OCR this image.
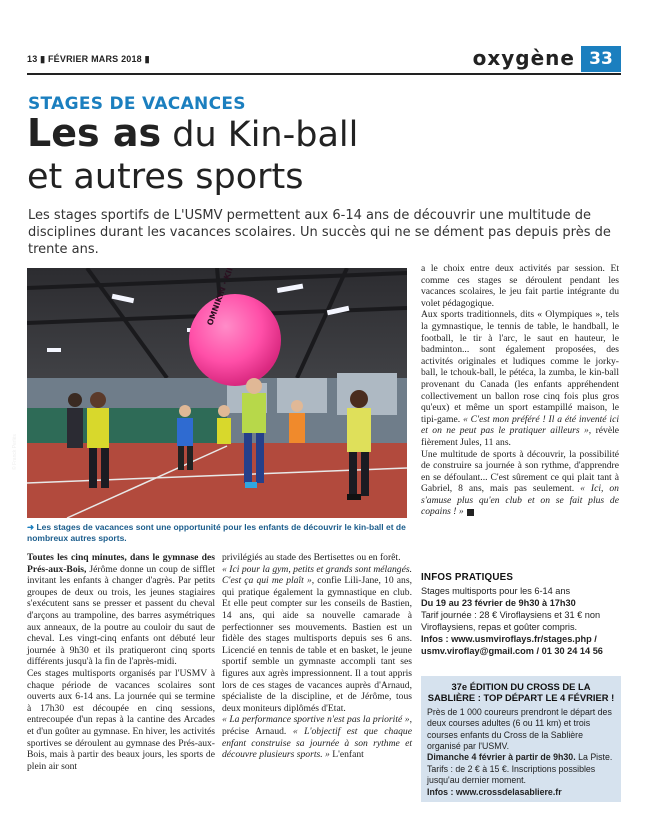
13 ▮ FÉVRIER MARS 2018 ▮	oxygène 33
STAGES DE VACANCES
Les as du Kin-ball
et autres sports
Les stages sportifs de L'USMV permettent aux 6-14 ans de découvrir une multitude de disciplines durant les vacances scolaires. Un succès qui ne se dément pas depuis près de trente ans.
© Franck Perlès
➜ Les stages de vacances sont une opportunité pour les enfants de découvrir le kin-ball et de nombreux autres sports.

Toutes les cinq minutes, dans le gymnase des Prés-aux-Bois, Jérôme donne un coup de sifflet invitant les enfants à changer d'agrès. Par petits groupes de deux ou trois, les jeunes stagiaires s'exécutent sans se presser et passent du cheval d'arçons au trampoline, des barres asymétriques aux anneaux, de la poutre au couloir du saut de cheval. Les vingt-cinq enfants ont débuté leur journée à 9h30 et ils pratiqueront cinq sports différents jusqu'à la fin de l'après-midi.

Ces stages multisports organisés par l'USMV à chaque période de vacances scolaires sont ouverts aux 6-14 ans. La journée qui se termine à 17h30 est découpée en cinq sessions, entrecoupée d'un repas à la cantine des Arcades et d'un goûter au gymnase. En hiver, les activités sportives se déroulent au gymnase des Prés-aux-Bois, mais à partir des beaux jours, les sports de plein air sont

privilégiés au stade des Bertisettes ou en forêt.

« Ici pour la gym, petits et grands sont mélangés. C'est ça qui me plaît », confie Lili-Jane, 10 ans, qui pratique également la gymnastique en club. Et elle peut compter sur les conseils de Bastien, 14 ans, qui aide sa nouvelle camarade à perfectionner ses mouvements. Bastien est un fidèle des stages multisports depuis ses 6 ans. Licencié en tennis de table et en basket, le jeune sportif semble un gymnaste accompli tant ses figures aux agrès impressionnent. Il a tout appris lors de ces stages de vacances auprès d'Arnaud, spécialiste de la discipline, et de Jérôme, tous deux moniteurs diplômés d'Etat.

« La performance sportive n'est pas la priorité », précise Arnaud. « L'objectif est que chaque enfant construise sa journée à son rythme et découvre plusieurs sports. » L'enfant

a le choix entre deux activités par session. Et comme ces stages se déroulent pendant les vacances scolaires, le jeu fait partie intégrante du volet pédagogique.

Aux sports traditionnels, dits « Olympiques », tels la gymnastique, le tennis de table, le handball, le football, le tir à l'arc, le saut en hauteur, le badminton... sont également proposées, des activités originales et ludiques comme le jorky-ball, le tchouk-ball, le pétéca, la zumba, le kin-ball provenant du Canada (les enfants appréhendent collectivement un ballon rose cinq fois plus gros qu'eux) et même un sport estampillé maison, le tipi-game. « C'est mon préféré ! Il a été inventé ici et on ne peut pas le pratiquer ailleurs », révèle fièrement Jules, 11 ans.

Une multitude de sports à découvrir, la possibilité de construire sa journée à son rythme, d'apprendre en se défoulant... C'est sûrement ce qui plait tant à Gabriel, 8 ans, mais pas seulement. « Ici, on s'amuse plus qu'en club et on se fait plus de copains ! »

INFOS PRATIQUES
Stages multisports pour les 6-14 ans
Du 19 au 23 février de 9h30 à 17h30
Tarif journée : 28 € Viroflaysiens et 31 € non Viroflaysiens, repas et goûter compris.
Infos : www.usmviroflays.fr/stages.php / usmv.viroflay@gmail.com / 01 30 24 14 56
37e ÉDITION DU CROSS DE LA SABLIÈRE : TOP DÉPART LE 4 FÉVRIER !
Près de 1 000 coureurs prendront le départ des deux courses adultes (6 ou 11 km) et trois courses enfants du Cross de la Sablière organisé par l'USMV.
Dimanche 4 février à partir de 9h30. La Piste.
Tarifs : de 2 € à 15 €. Inscriptions possibles jusqu'au dernier moment.
Infos : www.crossdelasabliere.fr
